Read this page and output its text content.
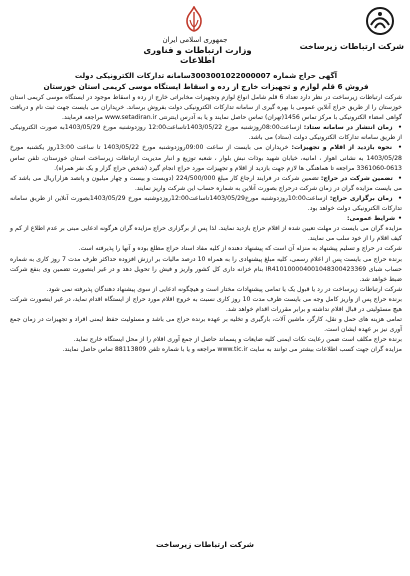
جمهوری اسلامی ایران
وزارت ارتباطات و فناوری اطلاعات
شرکت ارتباطات زیرساخت
آگهی حراج شماره 3003001022000007سامانه تدارکات الکترونیکی دولت
فروش 6 قلم لوازم و تجهیزات خارج از رده و اسقاط ایستگاه موسی کریمی استان خوزستان

شرکت ارتباطات زیرساخت در نظر دارد تعداد 6 قلم شامل انواع لوازم وتجهیزات مخابراتی خارج از رده و اسقاط موجود در ایستگاه موسی کریمی استان خوزستان را از طریق حراج آنلاین عمومی با بهره گیری از سامانه تدارکات الکترونیکی دولت بفروش برساند. خریداران می بایست جهت ثبت نام و دریافت گواهی امضاء الکترونیکی با مرکز تماس 1456(تهران) تماس حاصل نمایند و یا به آدرس اینترنتی www.setadiran.ir مراجعه فرمایند.

• زمان انتشار در سامانه ستاد: ازساعت08:00روزشنبه مورخ 1403/05/22تاساعت12:00 روزدوشنبه مورخ 1403/05/29به صورت الکترونیکی از طریق سامانه تدارکات الکترونیکی دولت (ستاد) می باشد.

• نحوه بازدید از اقلام و تجهیزات: خریداران می بایست از ساعت 09:00روزدوشنبه مورخ 1403/05/22 تا ساعت 13:00روز یکشنبه مورخ 1403/05/28 به نشانی اهواز ، امانیه، خیابان شهید بوذات نبش بلوار ، شعبه توزیع و انبار مدیریت ارتباطات زیرساخت استان خوزستان، تلفن تماس 0613-3361060 مراجعه تا هماهنگی ها لازم جهت بازدید از اقلام و تجهیزات مورد حراج انجام گیرد (شخص حراج گزار و یک نفر همراه).

• تضمین شرکت در حراج: تضمین شرکت در فرایند ارجاع کار مبلغ 224/500/000 (دویست و بیست و چهار میلیون و پانصد هزار)ریال می باشد که می بایست مزایده گران در زمان شرکت درحراج بصورت آنلاین به شماره حساب این شرکت واریز نمایند.

• زمان برگزاری حراج: ازساعت10:00روزدوشنبه مورخ1403/05/29تاساعت12:00روزدوشنبه مورخ 1403/05/29بصورت آنلاین از طریق سامانه تدارکات الکترونیکی دولت خواهد بود.

• شرایط عمومی:

مزایده گران می بایست در مهلت تعیین شده از اقلام حراج بازدید نمایند. لذا پس از برگزاری حراج مزایده گران هرگونه ادعایی مبنی بر عدم اطلاع از کم و کیف اقلام را از خود سلب می نمایند.

شرکت در حراج و تسلیم پیشنهاد به منزله آن است که پیشنهاد دهنده از کلیه مفاد اسناد حراج مطلع بوده و آنها را پذیرفته است.

برنده حراج می بایست پس از اعلام رسمی، کلیه مبلغ پیشنهادی را به همراه 10 درصد مالیات بر ارزش افزوده حداکثر ظرف مدت 7 روز کاری به شماره حساب شبای IR410100004001048300423369 بنام خزانه داری کل کشور واریز و فیش را تحویل دهد و در غیر اینصورت تضمین وی بنفع شرکت ضبط خواهد شد.

شرکت ارتباطات زیرساخت در رد یا قبول یک یا تمامی پیشنهادات مختار است و هیچگونه ادعایی از سوی پیشنهاد دهندگان پذیرفته نمی شود.

برنده حراج پس از واریز کامل وجه می بایست ظرف مدت 10 روز کاری نسبت به خروج اقلام مورد حراج از ایستگاه اقدام نماید، در غیر اینصورت شرکت هیچ مسئولیتی در قبال اقلام نداشته و برابر مقررات اقدام خواهد شد.

تمامی هزینه های حمل و نقل، کارگر، ماشین آلات، بارگیری و تخلیه بر عهده برنده حراج می باشد و مسئولیت حفظ ایمنی افراد و تجهیزات در زمان جمع آوری نیز بر عهده ایشان است.

برنده حراج مکلف است ضمن رعایت نکات ایمنی کلیه ضایعات و پسماند حاصل از جمع آوری اقلام را از محل ایستگاه خارج نماید.

مزایده گران جهت کسب اطلاعات بیشتر می توانند به سایت www.tic.ir مراجعه و یا با شماره تلفن 88113809 تماس حاصل نمایند.

شرکت ارتباطات زیرساخت
